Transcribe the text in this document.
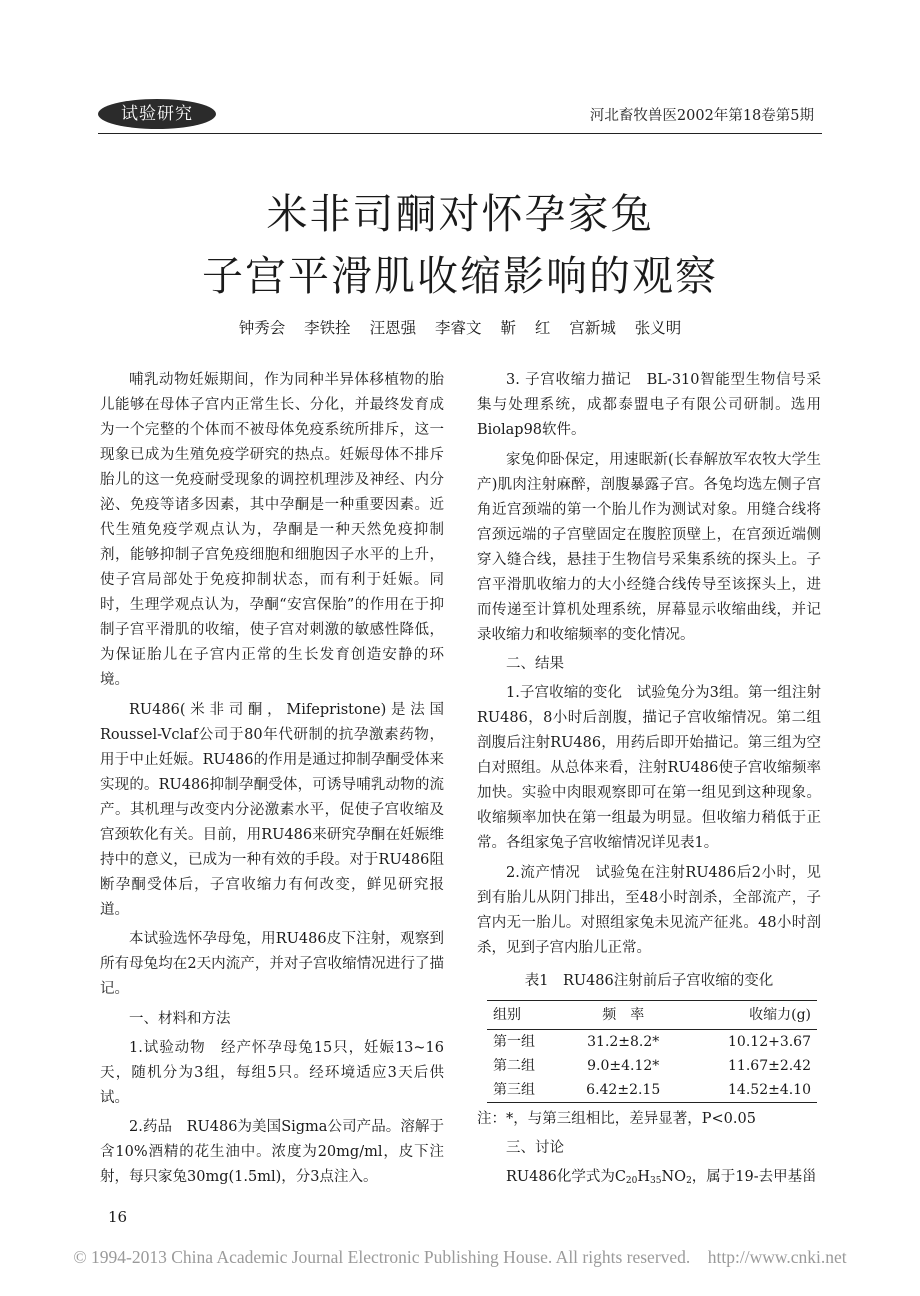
试验研究	河北畜牧兽医2002年第18卷第5期
米非司酮对怀孕家兔
子宫平滑肌收缩影响的观察
钟秀会 李铁拴 汪恩强 李睿文 靳 红 宫新城 张义明

哺乳动物妊娠期间，作为同种半异体移植物的胎儿能够在母体子宫内正常生长、分化，并最终发育成为一个完整的个体而不被母体免疫系统所排斥，这一现象已成为生殖免疫学研究的热点。妊娠母体不排斥胎儿的这一免疫耐受现象的调控机理涉及神经、内分泌、免疫等诸多因素，其中孕酮是一种重要因素。近代生殖免疫学观点认为，孕酮是一种天然免疫抑制剂，能够抑制子宫免疫细胞和细胞因子水平的上升，使子宫局部处于免疫抑制状态，而有利于妊娠。同时，生理学观点认为，孕酮“安宫保胎”的作用在于抑制子宫平滑肌的收缩，使子宫对刺激的敏感性降低，为保证胎儿在子宫内正常的生长发育创造安静的环境。

RU486(米非司酮，Mifepristone)是法国Roussel-Vclaf公司于80年代研制的抗孕激素药物，用于中止妊娠。RU486的作用是通过抑制孕酮受体来实现的。RU486抑制孕酮受体，可诱导哺乳动物的流产。其机理与改变内分泌激素水平，促使子宫收缩及宫颈软化有关。目前，用RU486来研究孕酮在妊娠维持中的意义，已成为一种有效的手段。对于RU486阻断孕酮受体后，子宫收缩力有何改变，鲜见研究报道。

本试验选怀孕母兔，用RU486皮下注射，观察到所有母兔均在2天内流产，并对子宫收缩情况进行了描记。

一、材料和方法

1.试验动物　经产怀孕母兔15只，妊娠13~16天，随机分为3组，每组5只。经环境适应3天后供试。

2.药品　RU486为美国Sigma公司产品。溶解于含10%酒精的花生油中。浓度为20mg/ml，皮下注射，每只家兔30mg(1.5ml)，分3点注入。

3. 子宫收缩力描记　BL-310智能型生物信号采集与处理系统，成都泰盟电子有限公司研制。选用Biolap98软件。

家兔仰卧保定，用速眠新(长春解放军农牧大学生产)肌肉注射麻醉，剖腹暴露子宫。各兔均选左侧子宫角近宫颈端的第一个胎儿作为测试对象。用缝合线将宫颈远端的子宫壁固定在腹腔顶壁上，在宫颈近端侧穿入缝合线，悬挂于生物信号采集系统的探头上。子宫平滑肌收缩力的大小经缝合线传导至该探头上，进而传递至计算机处理系统，屏幕显示收缩曲线，并记录收缩力和收缩频率的变化情况。

二、结果

1.子宫收缩的变化　试验兔分为3组。第一组注射RU486，8小时后剖腹，描记子宫收缩情况。第二组剖腹后注射RU486，用药后即开始描记。第三组为空白对照组。从总体来看，注射RU486使子宫收缩频率加快。实验中肉眼观察即可在第一组见到这种现象。收缩频率加快在第一组最为明显。但收缩力稍低于正常。各组家兔子宫收缩情况详见表1。

2.流产情况　试验兔在注射RU486后2小时，见到有胎儿从阴门排出，至48小时剖杀，全部流产，子宫内无一胎儿。对照组家兔未见流产征兆。48小时剖杀，见到子宫内胎儿正常。

表1　RU486注射前后子宫收缩的变化
组别	频　率	收缩力(g)
第一组	31.2±8.2*	10.12+3.67
第二组	9.0±4.12*	11.67±2.42
第三组	6.42±2.15	14.52±4.10

注：*，与第三组相比，差异显著，P<0.05

三、讨论

RU486化学式为$C_{20}H_{35}NO_2$，属于19-去甲基甾

16
© 1994-2013 China Academic Journal Electronic Publishing House. All rights reserved.　http://www.cnki.net
